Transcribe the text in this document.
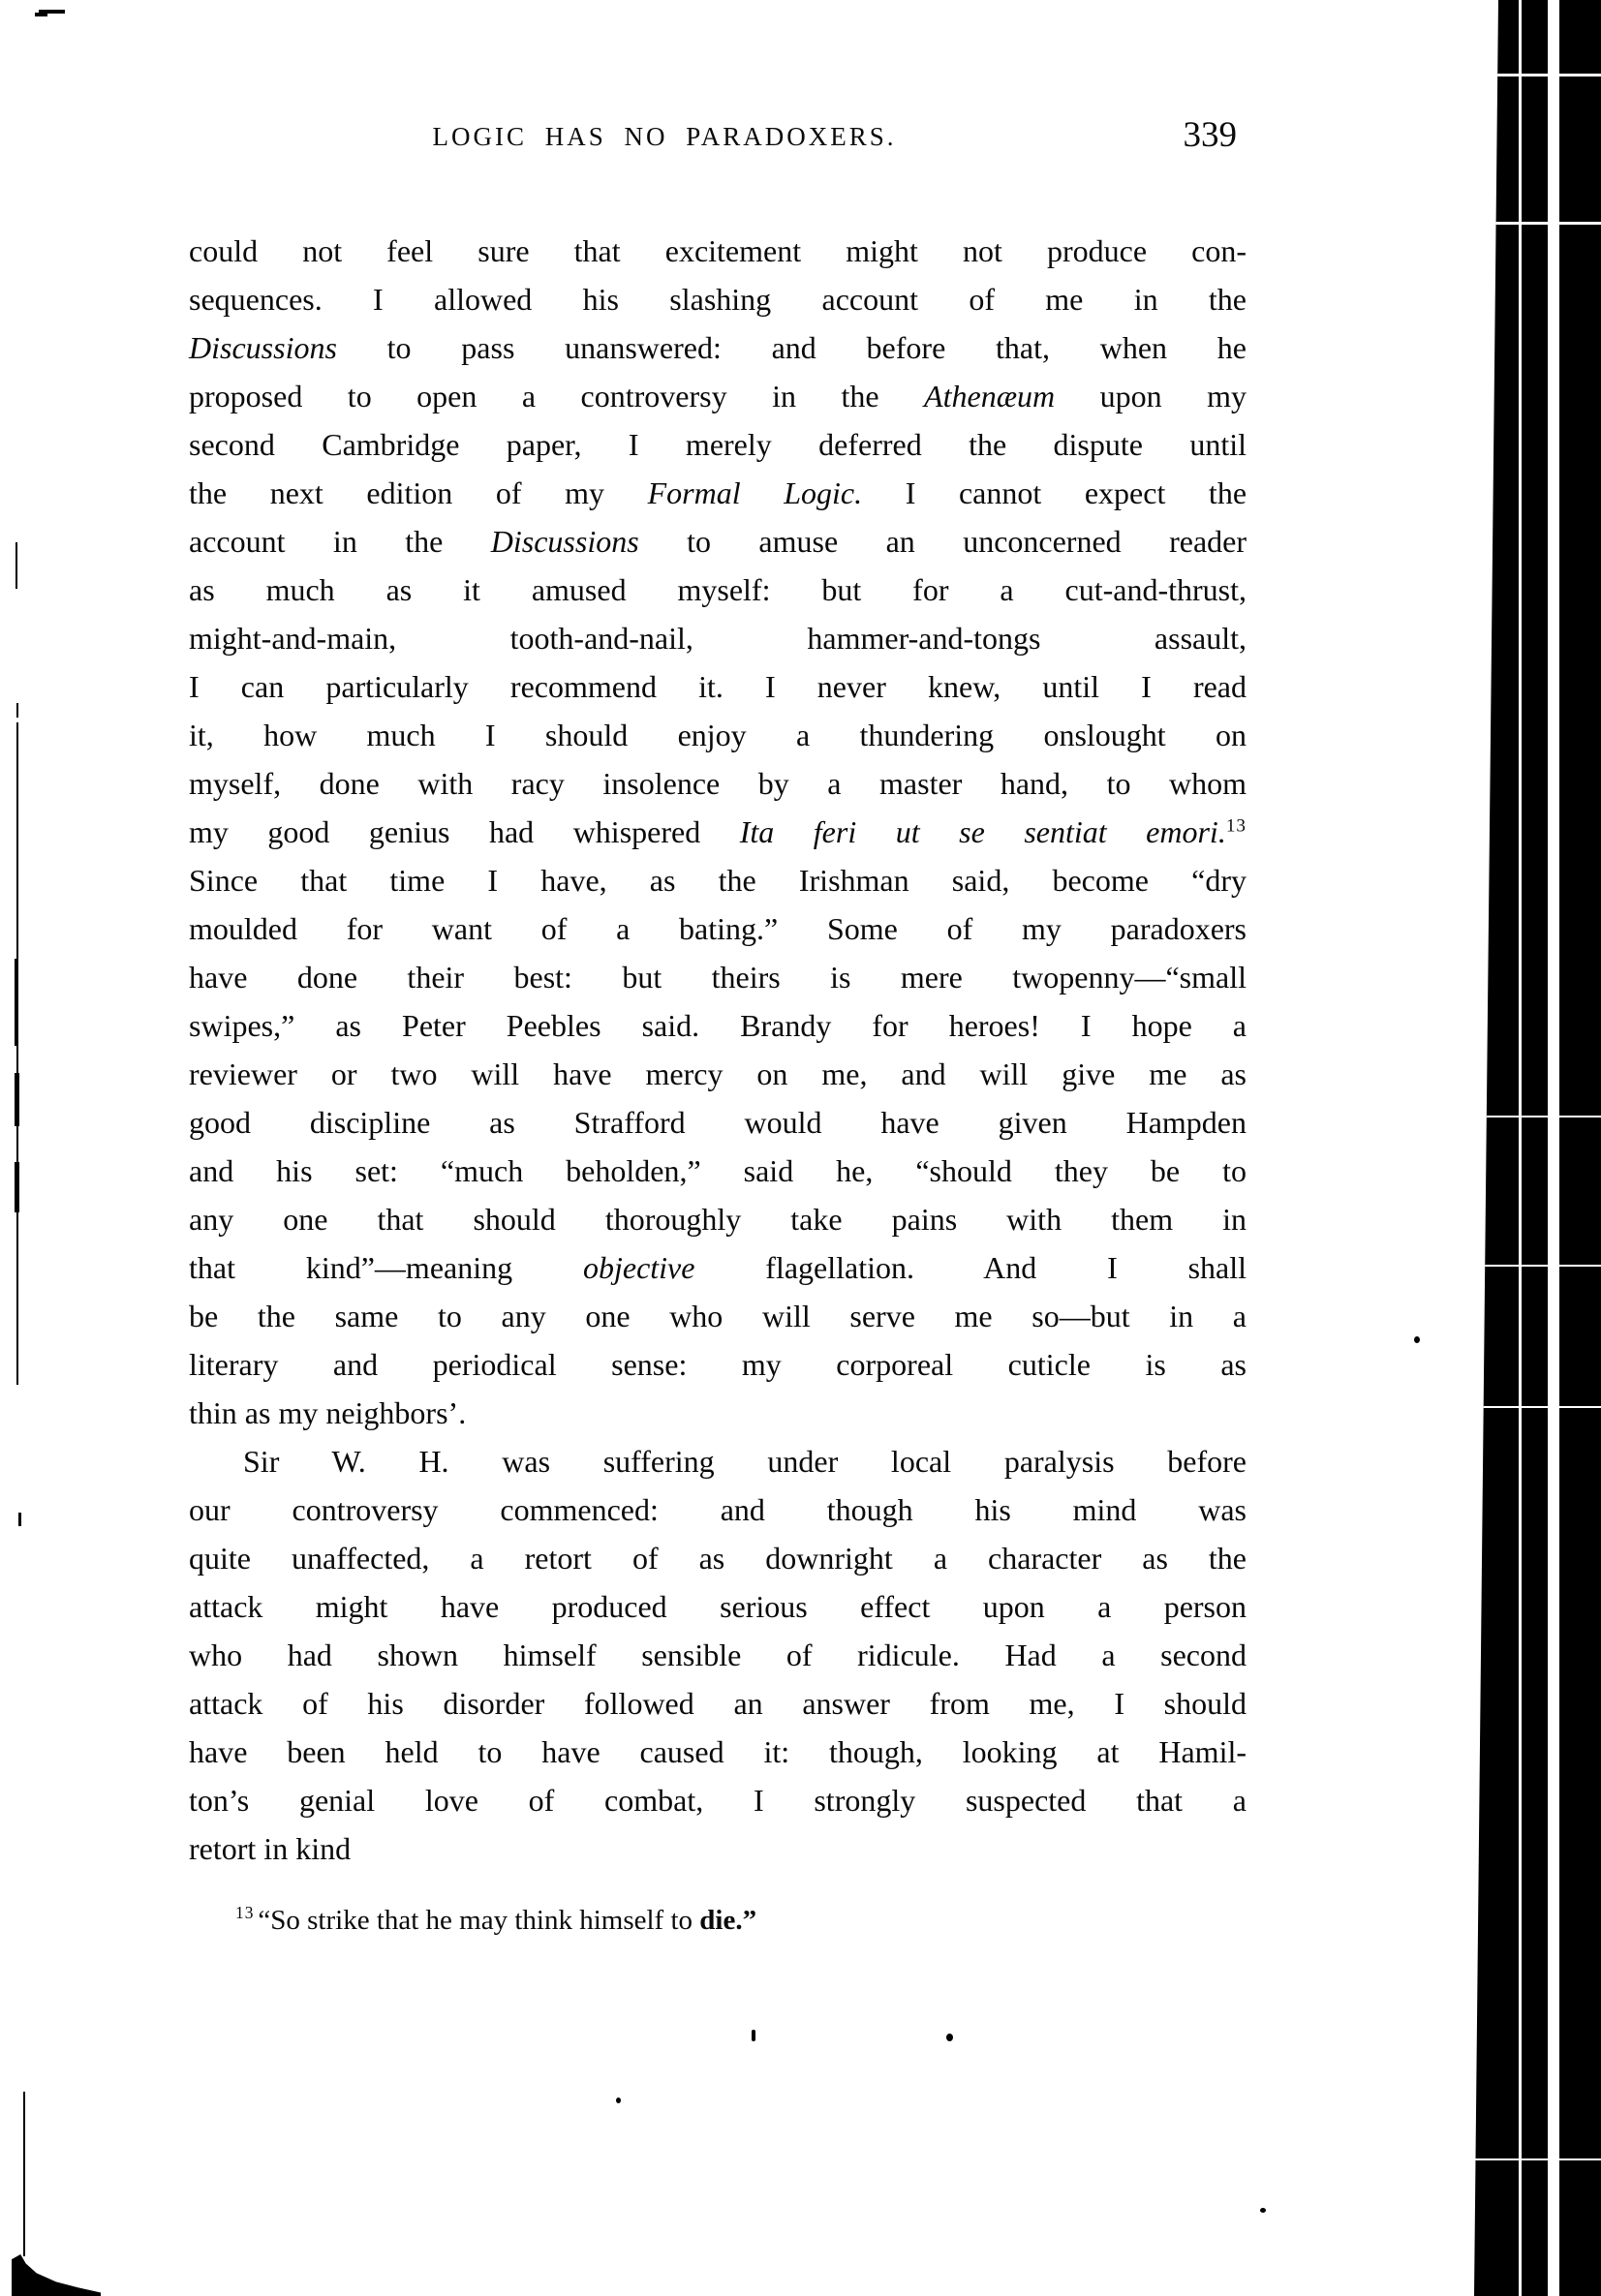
LOGIC HAS NO PARADOXERS.	339
could not feel sure that excitement might not produce con-
sequences. I allowed his slashing account of me in the
Discussions to pass unanswered: and before that, when he
proposed to open a controversy in the Athenæum upon my
second Cambridge paper, I merely deferred the dispute until
the next edition of my Formal Logic. I cannot expect the
account in the Discussions to amuse an unconcerned reader
as much as it amused myself: but for a cut-and-thrust,
might-and-main, tooth-and-nail, hammer-and-tongs assault,
I can particularly recommend it. I never knew, until I read
it, how much I should enjoy a thundering onslought on
myself, done with racy insolence by a master hand, to whom
my good genius had whispered Ita feri ut se sentiat emori.$^{13}$
Since that time I have, as the Irishman said, become “dry
moulded for want of a bating.” Some of my paradoxers
have done their best: but theirs is mere twopenny—“small
swipes,” as Peter Peebles said. Brandy for heroes! I hope a
reviewer or two will have mercy on me, and will give me as
good discipline as Strafford would have given Hampden
and his set: “much beholden,” said he, “should they be to
any one that should thoroughly take pains with them in
that kind”—meaning objective flagellation. And I shall
be the same to any one who will serve me so—but in a
literary and periodical sense: my corporeal cuticle is as
thin as my neighbors’.
Sir W. H. was suffering under local paralysis before
our controversy commenced: and though his mind was
quite unaffected, a retort of as downright a character as the
attack might have produced serious effect upon a person
who had shown himself sensible of ridicule. Had a second
attack of his disorder followed an answer from me, I should
have been held to have caused it: though, looking at Hamil-
ton’s genial love of combat, I strongly suspected that a
retort in kind
$^{13}$ “So strike that he may think himself to die.”
